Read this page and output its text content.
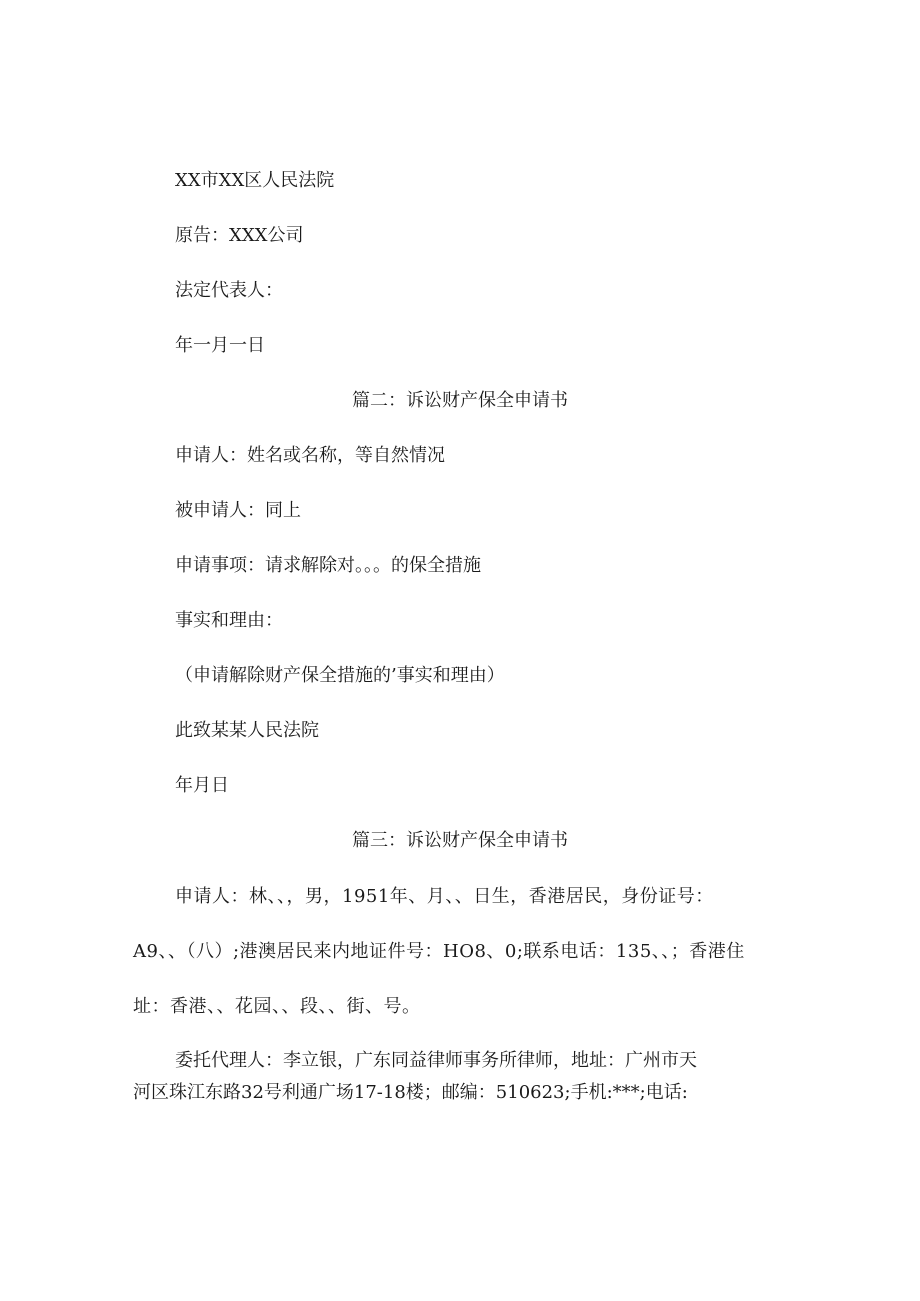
XX市XX区人民法院
原告：XXX公司
法定代表人：
年一月一日
篇二：诉讼财产保全申请书
申请人：姓名或名称，等自然情况
被申请人：同上
申请事项：请求解除对。。。的保全措施
事实和理由：
（申请解除财产保全措施的’事实和理由）
此致某某人民法院
年月日
篇三：诉讼财产保全申请书
申请人：林、、，男，1951年、月、、日生，香港居民，身份证号：
A9、、（八）;港澳居民来内地证件号：HO8、0;联系电话：135、、；香港住
址：香港、、花园、、段、、街、号。
委托代理人：李立银，广东同益律师事务所律师，地址：广州市天
河区珠江东路32号利通广场17-18楼；邮编：510623;手机:***;电话:
